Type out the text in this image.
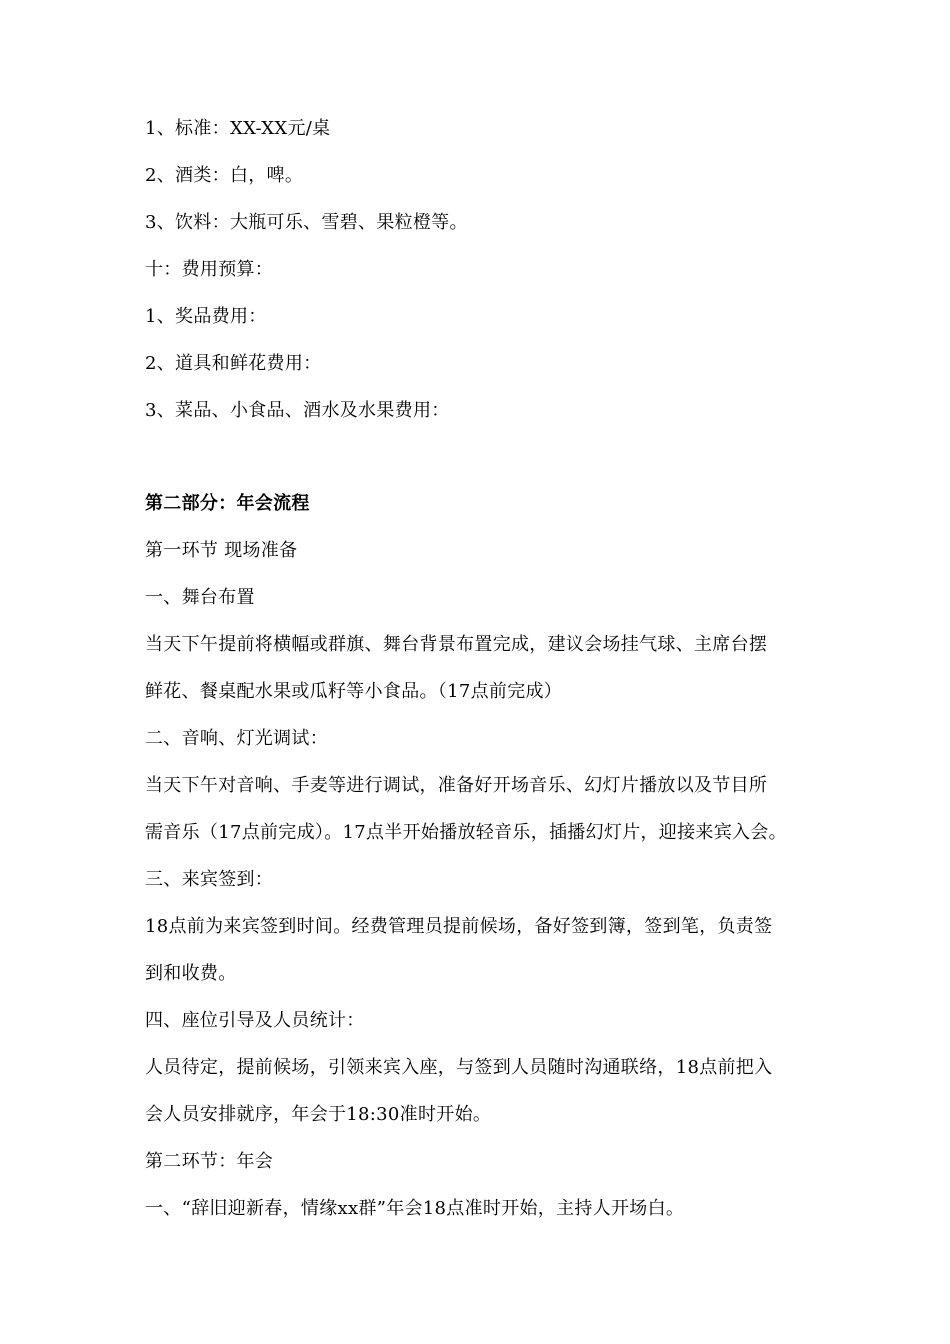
1、标准：XX-XX元/桌
2、酒类：白，啤。
3、饮料：大瓶可乐、雪碧、果粒橙等。
十：费用预算：
1、奖品费用：
2、道具和鲜花费用：
3、菜品、小食品、酒水及水果费用：
第二部分：年会流程
第一环节 现场准备
一、舞台布置
当天下午提前将横幅或群旗、舞台背景布置完成，建议会场挂气球、主席台摆
鲜花、餐桌配水果或瓜籽等小食品。（17点前完成）
二、音响、灯光调试：
当天下午对音响、手麦等进行调试，准备好开场音乐、幻灯片播放以及节目所
需音乐（17点前完成）。17点半开始播放轻音乐，插播幻灯片，迎接来宾入会。
三、来宾签到：
18点前为来宾签到时间。经费管理员提前候场，备好签到簿，签到笔，负责签
到和收费。
四、座位引导及人员统计：
人员待定，提前候场，引领来宾入座，与签到人员随时沟通联络，18点前把入
会人员安排就序，年会于18:30准时开始。
第二环节：年会
一、“辞旧迎新春，情缘xx群”年会18点准时开始，主持人开场白。
